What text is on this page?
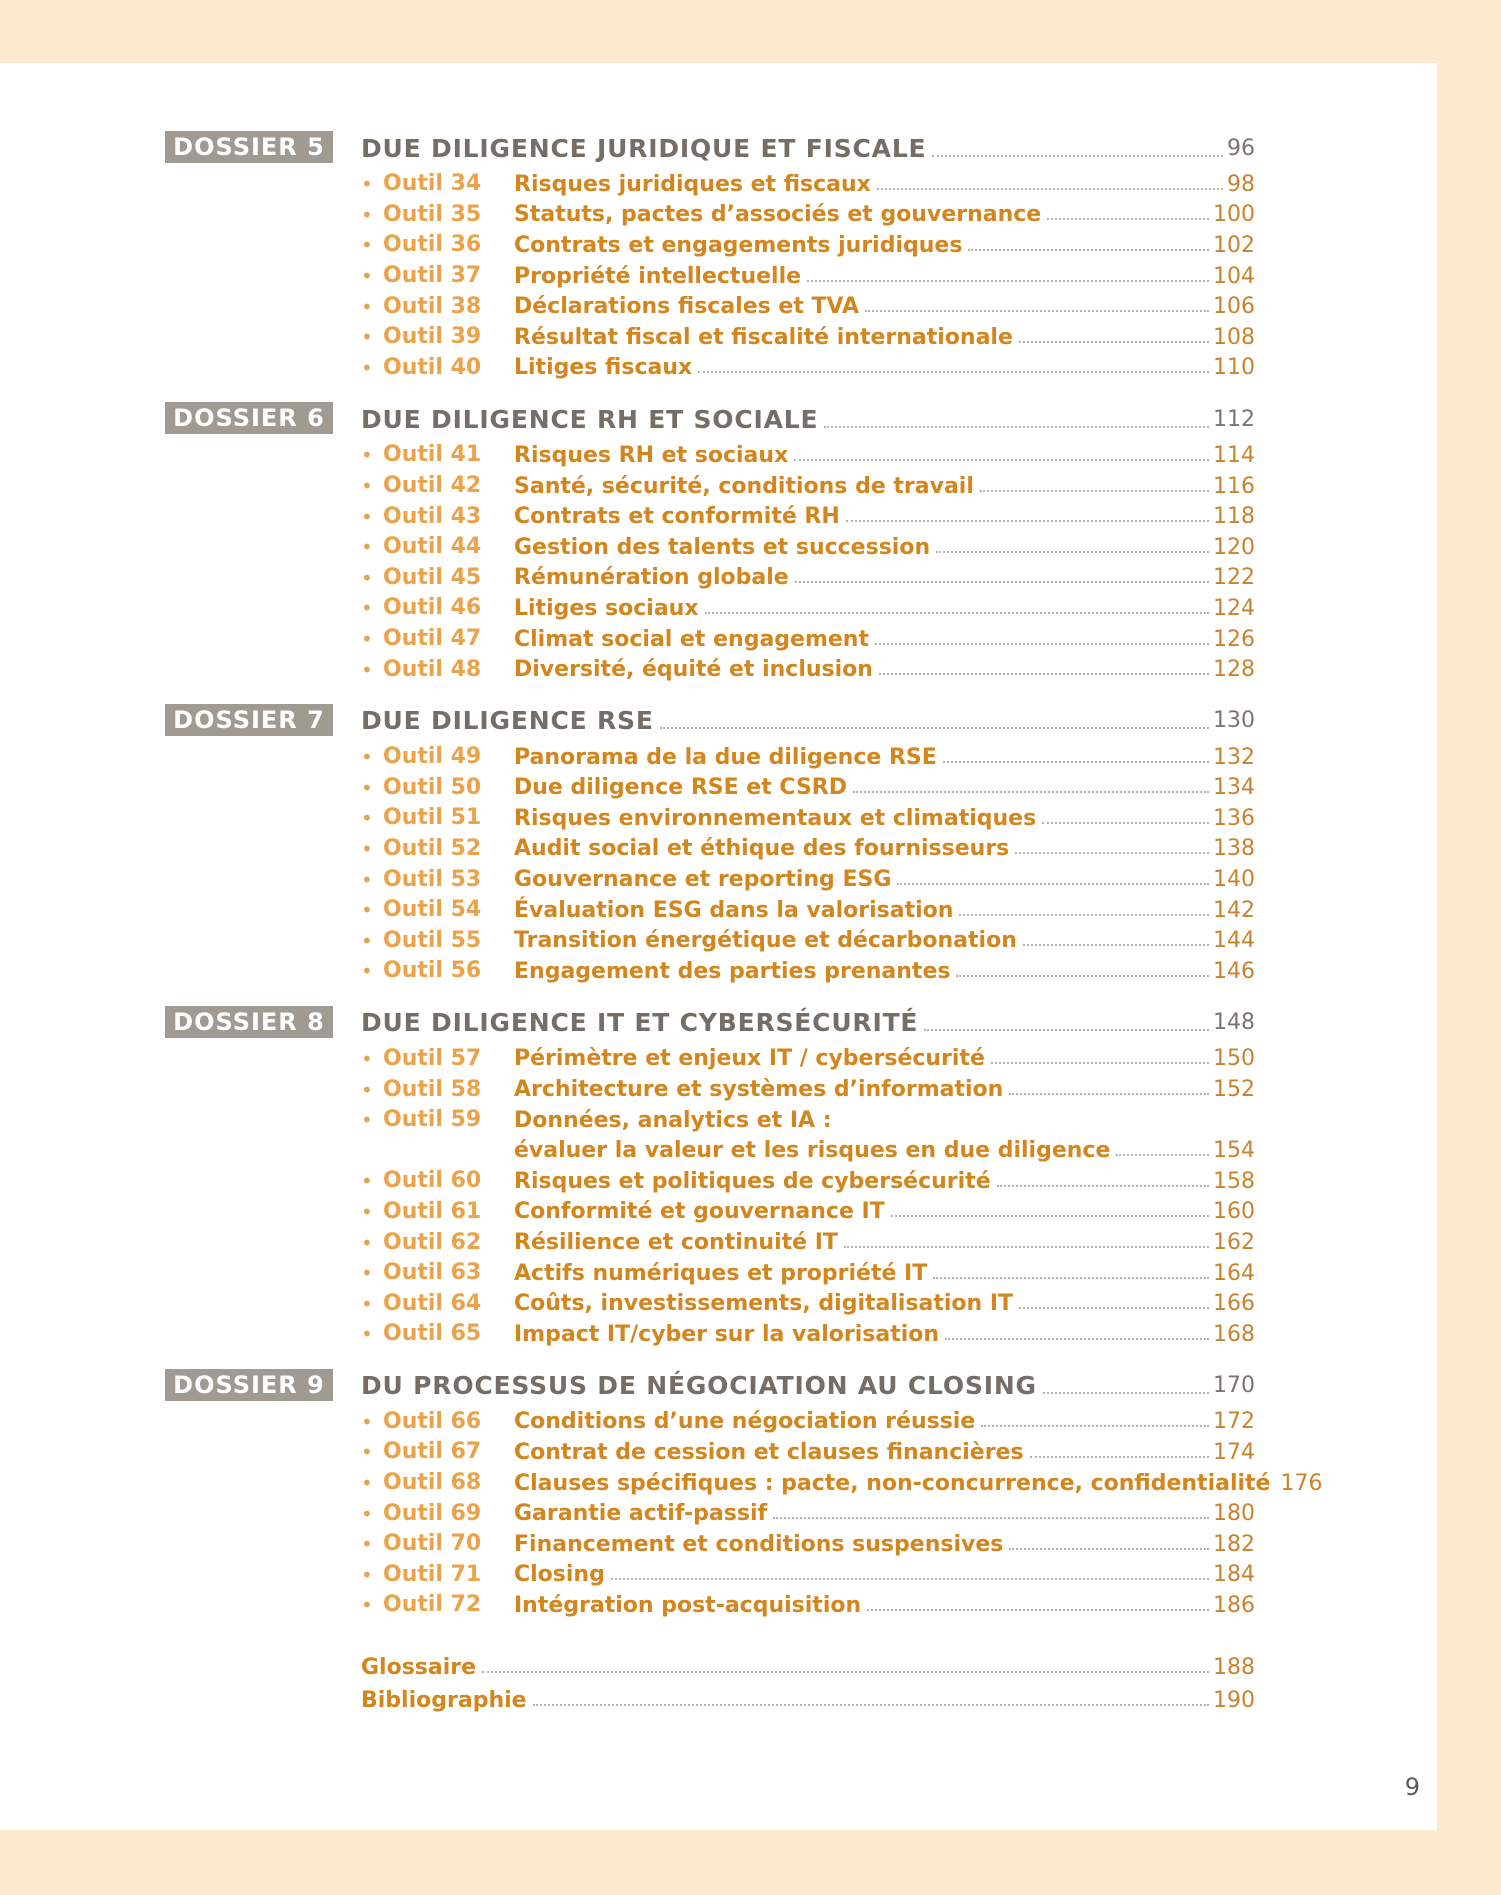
DOSSIER 5	DUE DILIGENCE JURIDIQUE ET FISCALE	96
• Outil 34 Risques juridiques et fiscaux	98
• Outil 35 Statuts, pactes d’associés et gouvernance	100
• Outil 36 Contrats et engagements juridiques	102
• Outil 37 Propriété intellectuelle	104
• Outil 38 Déclarations fiscales et TVA	106
• Outil 39 Résultat fiscal et fiscalité internationale	108
• Outil 40 Litiges fiscaux	110
DOSSIER 6	DUE DILIGENCE RH ET SOCIALE	112
• Outil 41 Risques RH et sociaux	114
• Outil 42 Santé, sécurité, conditions de travail	116
• Outil 43 Contrats et conformité RH	118
• Outil 44 Gestion des talents et succession	120
• Outil 45 Rémunération globale	122
• Outil 46 Litiges sociaux	124
• Outil 47 Climat social et engagement	126
• Outil 48 Diversité, équité et inclusion	128
DOSSIER 7	DUE DILIGENCE RSE	130
• Outil 49 Panorama de la due diligence RSE	132
• Outil 50 Due diligence RSE et CSRD	134
• Outil 51 Risques environnementaux et climatiques	136
• Outil 52 Audit social et éthique des fournisseurs	138
• Outil 53 Gouvernance et reporting ESG	140
• Outil 54 Évaluation ESG dans la valorisation	142
• Outil 55 Transition énergétique et décarbonation	144
• Outil 56 Engagement des parties prenantes	146
DOSSIER 8	DUE DILIGENCE IT ET CYBERSÉCURITÉ	148
• Outil 57 Périmètre et enjeux IT / cybersécurité	150
• Outil 58 Architecture et systèmes d’information	152
• Outil 59 Données, analytics et IA :
évaluer la valeur et les risques en due diligence	154
• Outil 60 Risques et politiques de cybersécurité	158
• Outil 61 Conformité et gouvernance IT	160
• Outil 62 Résilience et continuité IT	162
• Outil 63 Actifs numériques et propriété IT	164
• Outil 64 Coûts, investissements, digitalisation IT	166
• Outil 65 Impact IT/cyber sur la valorisation	168
DOSSIER 9	DU PROCESSUS DE NÉGOCIATION AU CLOSING	170
• Outil 66 Conditions d’une négociation réussie	172
• Outil 67 Contrat de cession et clauses financières	174
• Outil 68 Clauses spécifiques : pacte, non-concurrence, confidentialité 176
• Outil 69 Garantie actif-passif	180
• Outil 70 Financement et conditions suspensives	182
• Outil 71 Closing	184
• Outil 72 Intégration post-acquisition	186
Glossaire	188
Bibliographie	190
9
